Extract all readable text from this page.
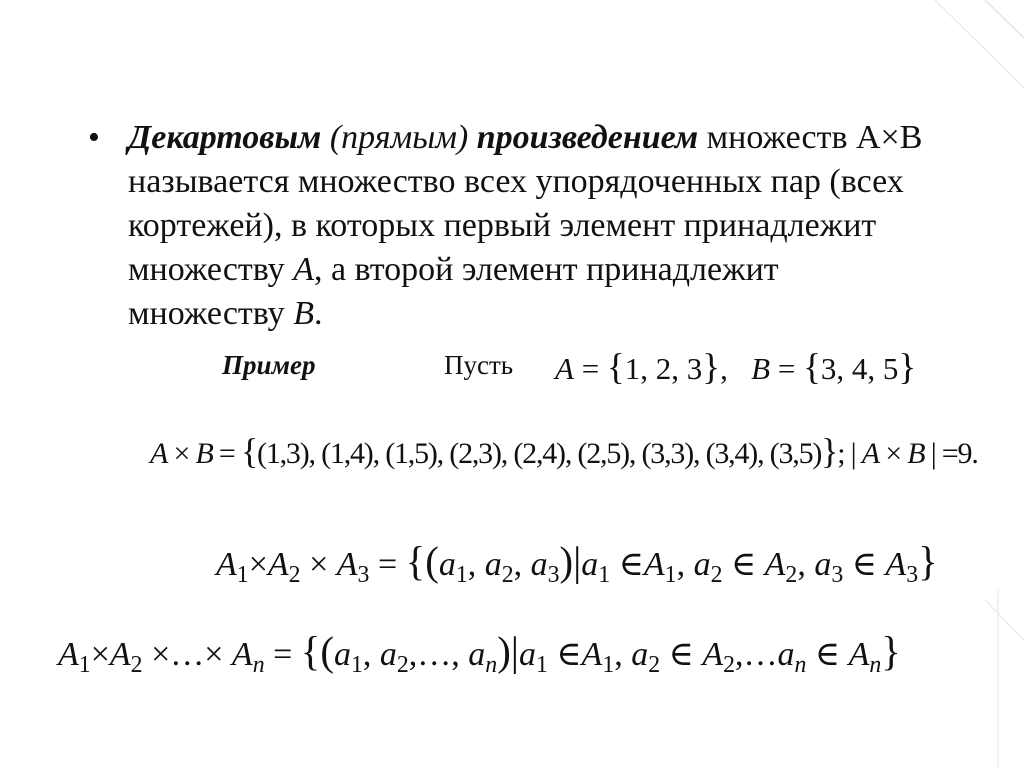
• Декартовым (прямым) произведением множеств А×В
называется множество всех упорядоченных пар (всех
кортежей), в которых первый элемент принадлежит
множеству A, а второй элемент принадлежит
множеству B.
Пример	Пусть A = {1, 2, 3},   B = {3, 4, 5}
A × B = {(1,3), (1,4), (1,5), (2,3), (2,4), (2,5), (3,3), (3,4), (3,5)}; | A × B | =9.
$A_1\times A_2 \times A_3 = \{(a_1$, $a_2$, $a_3)|a_1$ $\in A_1$, $a_2$ ∈ $A_2$, $a_3$ ∈ $A_3$}
$A_1\times A_2$ ×…× $A_n = \{(a_1$, $a_2,\dots$, $a_n)|a_1$ $\in A_1$, $a_2$ ∈ $A_2,\dots a_n$ ∈ $A_n$}
